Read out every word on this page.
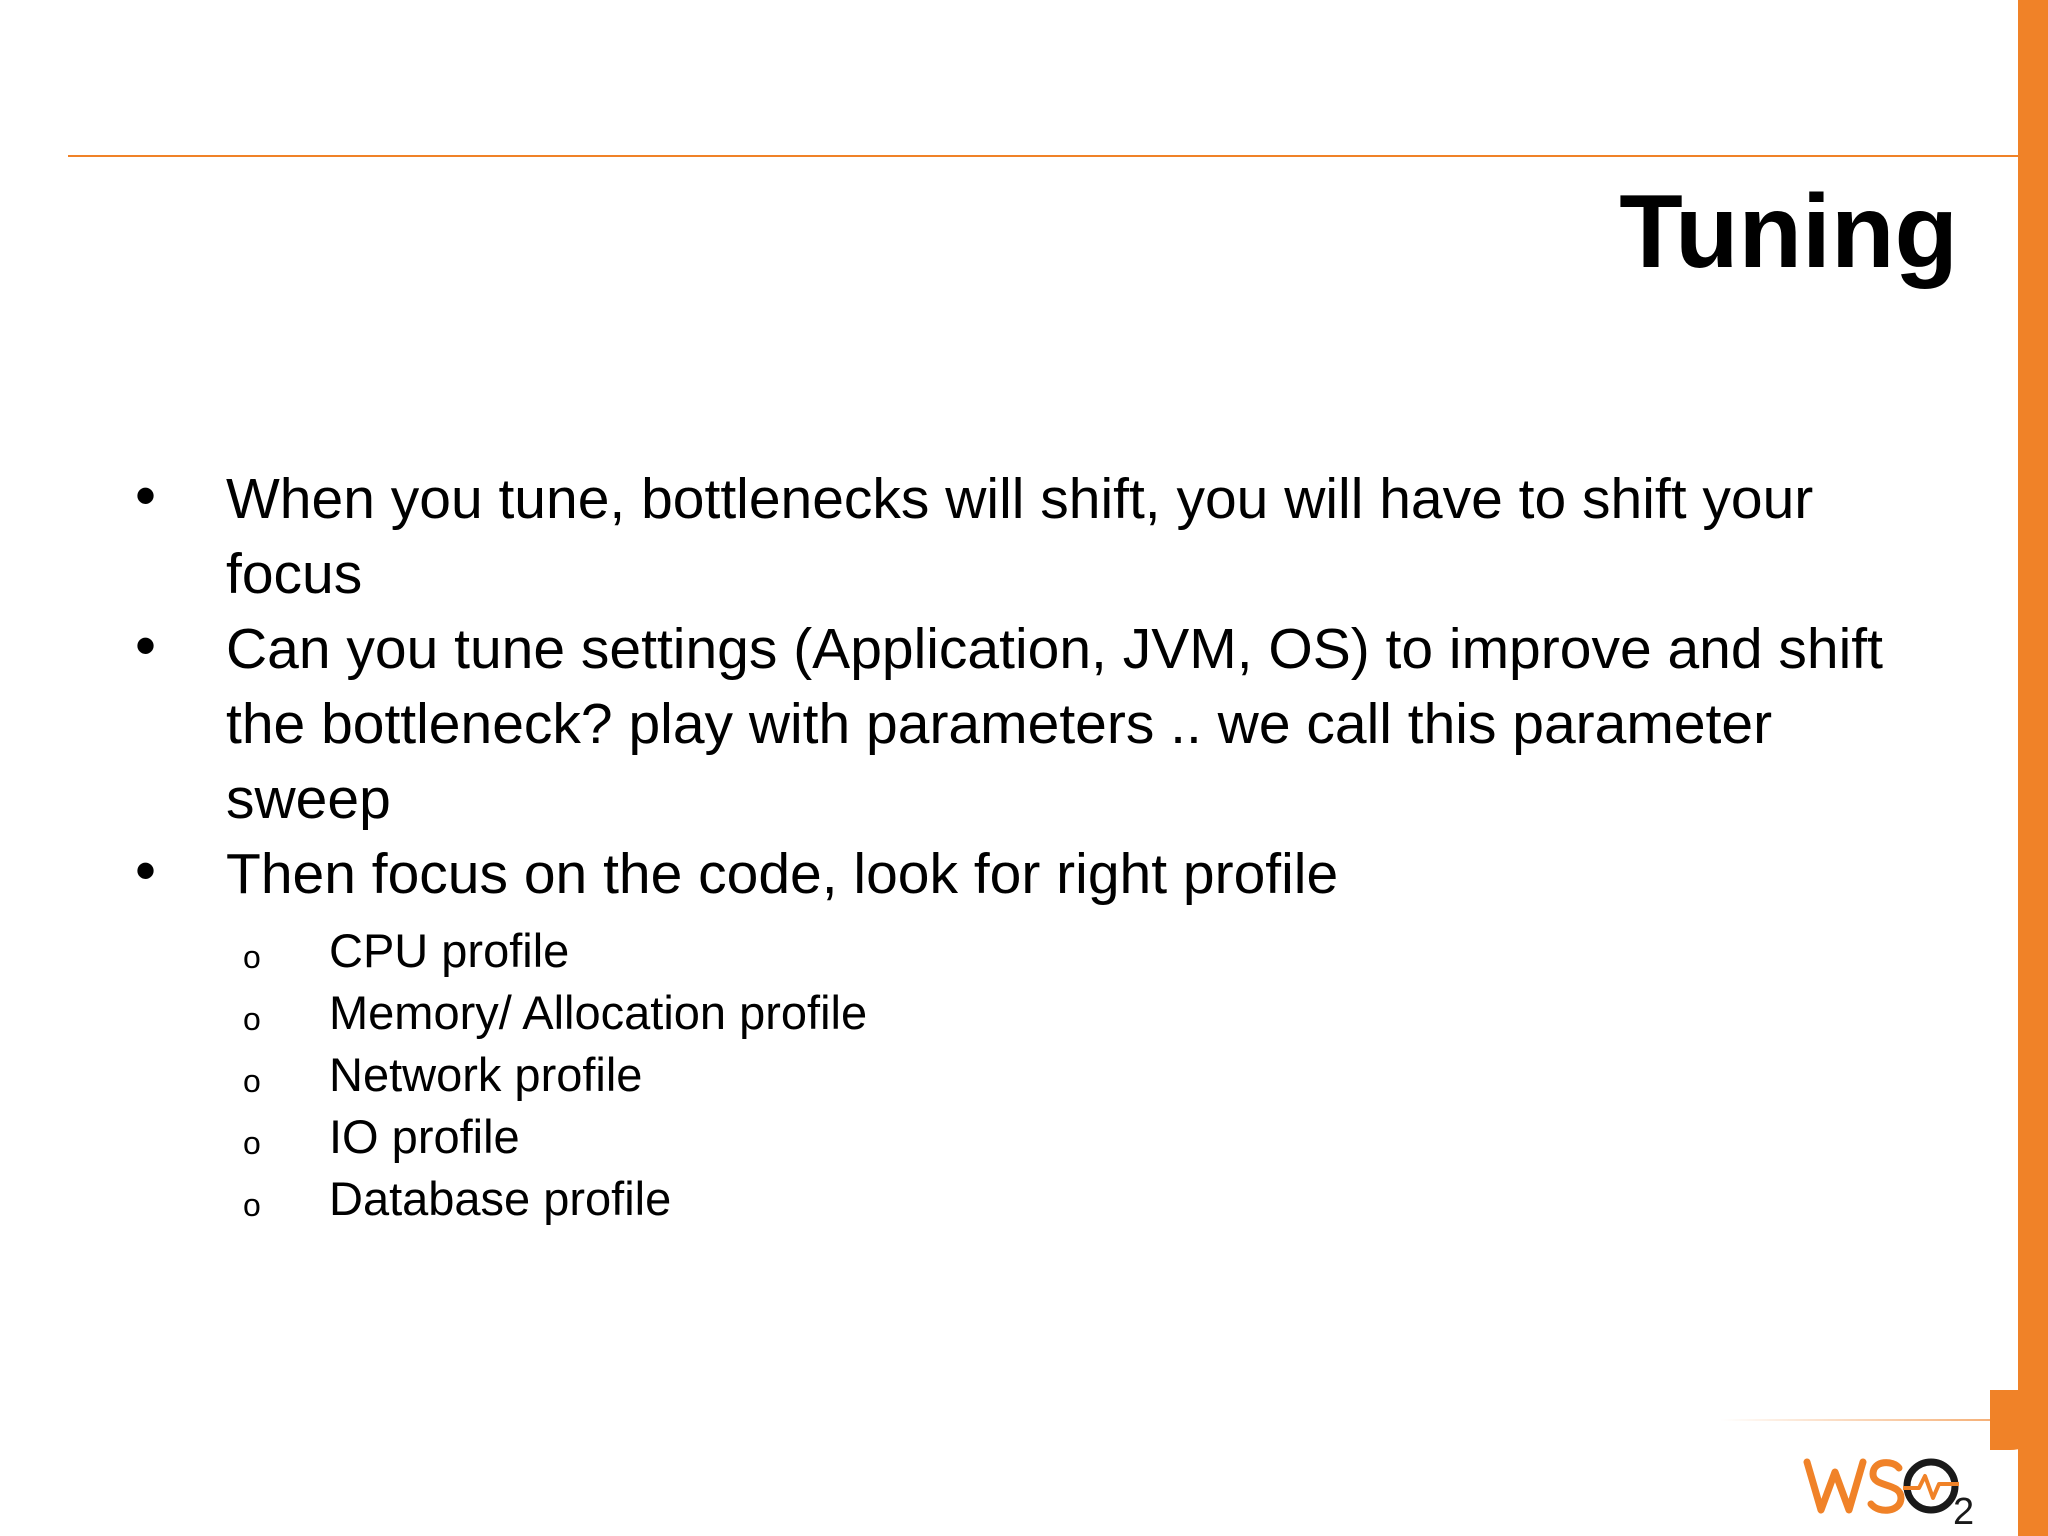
Tuning
• When you tune, bottlenecks will shift, you will have to shift your focus
• Can you tune settings (Application, JVM, OS) to improve and shift the bottleneck? play with parameters .. we call this parameter sweep
• Then focus on the code, look for right profile
o CPU profile
o Memory/ Allocation profile
o Network profile
o IO profile
o Database profile
2
